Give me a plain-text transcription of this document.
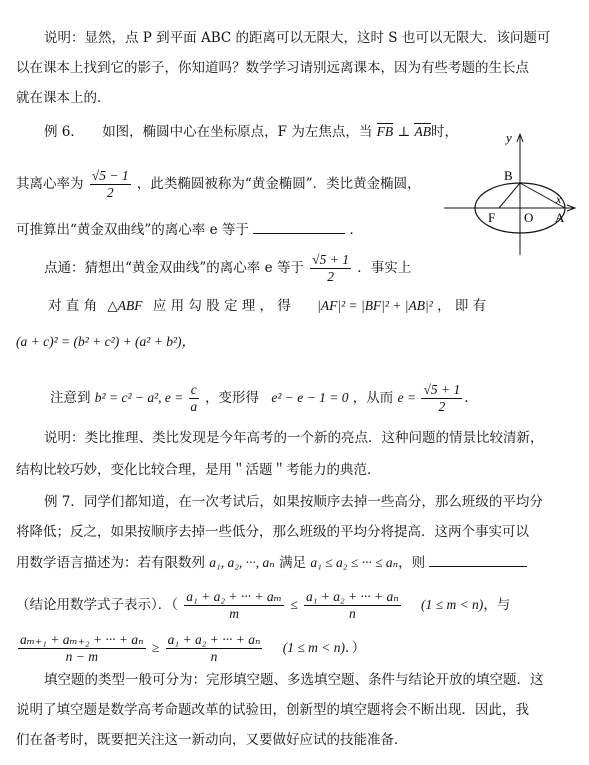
说明：显然，点 P 到平面 ABC 的距离可以无限大，这时 S 也可以无限大．该问题可
以在课本上找到它的影子，你知道吗？数学学习请别远离课本，因为有些考题的生长点
就在课本上的．
例 6． 如图，椭圆中心在坐标原点，F 为左焦点，当 FB ⊥ AB时，
其离心率为 $\frac{√5 - 1}{2}$ ，此类椭圆被称为“黄金椭圆”．类比黄金椭圆，
可推算出“黄金双曲线”的离心率 e 等于	．
y
x
B
F O A
点通：猜想出“黄金双曲线”的离心率 e 等于 $\frac{√5 + 1}{2}$ ．事实上
对 直 角 △ABF 应 用 勾 股 定 理 ， 得 |AF|² = |BF|² + |AB|² ， 即 有
(a + c)² = (b² + c²) + (a² + b²)，
注意到 b² = c² − a², $e = \frac{c}{a}$ ，变形得 e² − e − 1 = 0 ，从而 $e = \frac{√5 + 1}{2}$ .
说明：类比推理、类比发现是今年高考的一个新的亮点．这种问题的情景比较清新，
结构比较巧妙，变化比较合理，是用＂活题＂考能力的典范．
例 7．同学们都知道，在一次考试后，如果按顺序去掉一些高分，那么班级的平均分
将降低；反之，如果按顺序去掉一些低分，那么班级的平均分将提高．这两个事实可以
用数学语言描述为：若有限数列 a₁, a₂, ···, aₙ 满足 a₁ ≤ a₂ ≤ ··· ≤ aₙ，则
（结论用数学式子表示）．（ $\frac{\text{a₁ + a₂ + ··· + aₘ}}{m} \le \frac{\text{a₁ + a₂ + ··· + aₙ}}{n} (1 \le m < n)$，与
$\frac{\text{aₘ₊₁ + aₘ₊₂ + ··· + aₙ}}{n - m} \ge \frac{\text{a₁ + a₂ + ··· + aₙ}}{n} (1 \le m < n)$．）
填空题的类型一般可分为：完形填空题、多选填空题、条件与结论开放的填空题．这
说明了填空题是数学高考命题改革的试验田，创新型的填空题将会不断出现．因此，我
们在备考时，既要把关注这一新动向，又要做好应试的技能准备．
